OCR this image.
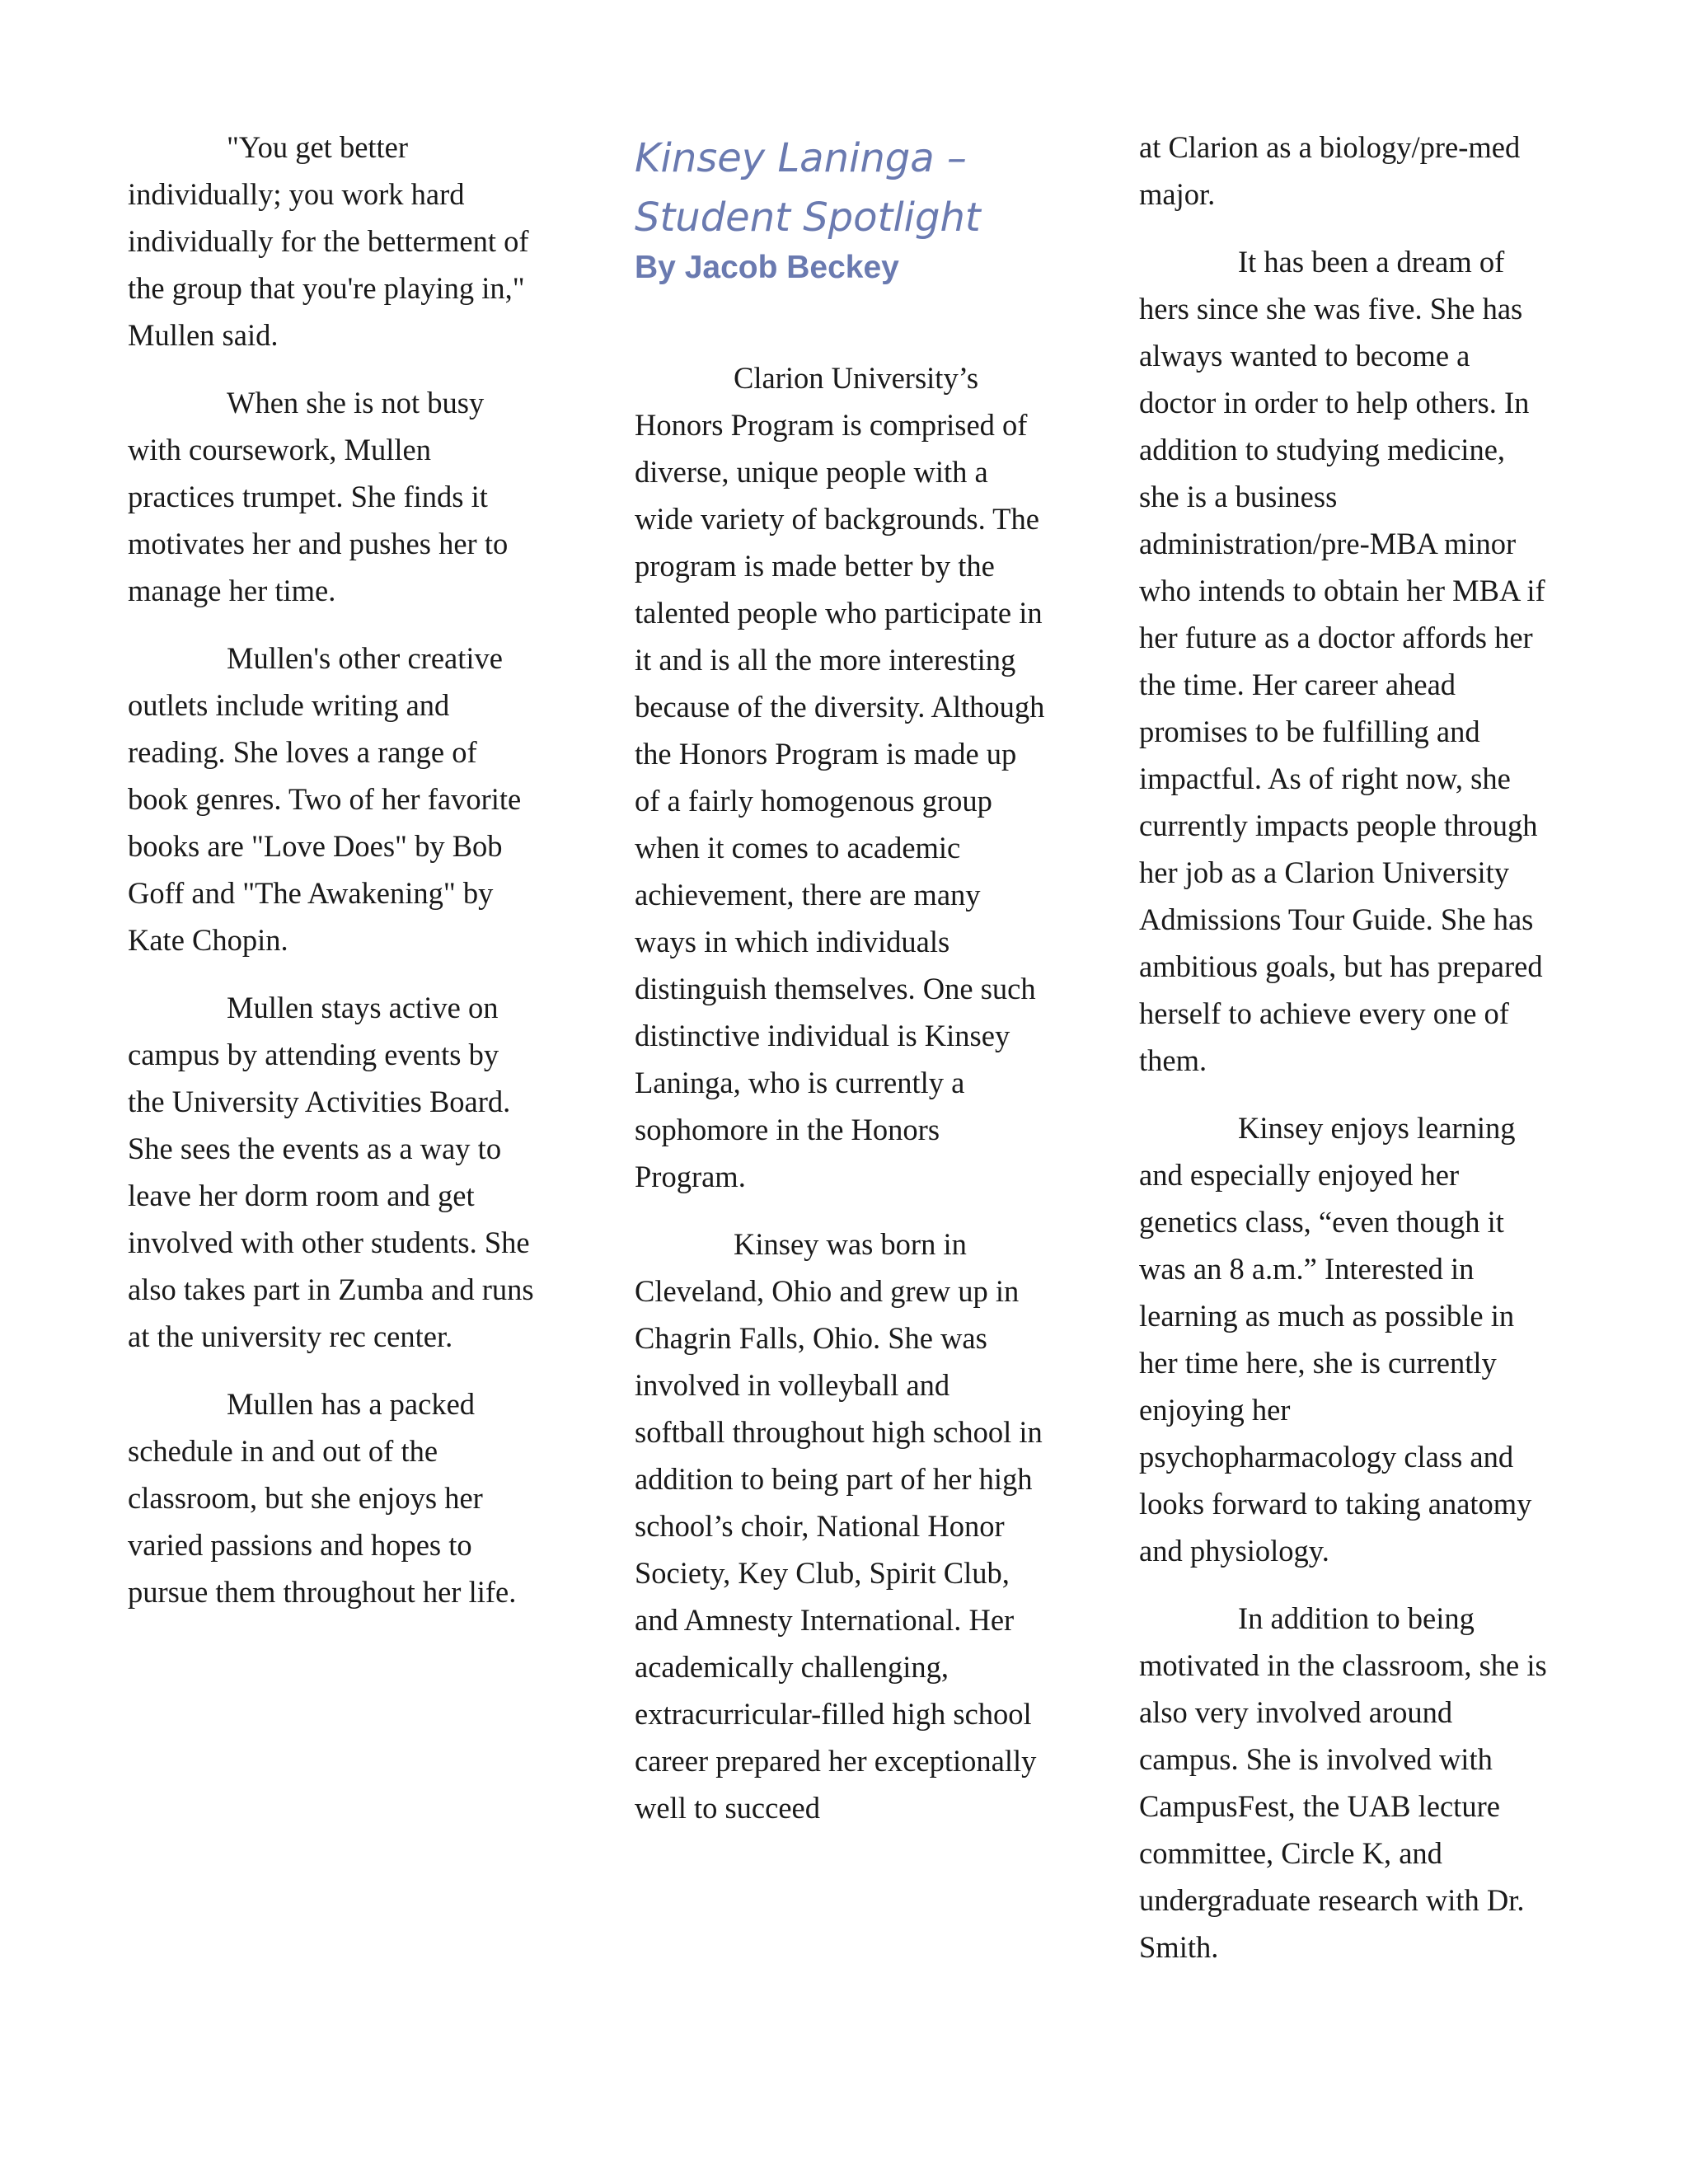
"You get better individually; you work hard individually for the betterment of the group that you're playing in," Mullen said.

When she is not busy with coursework, Mullen practices trumpet. She finds it motivates her and pushes her to manage her time.

Mullen's other creative outlets include writing and reading. She loves a range of book genres. Two of her favorite books are "Love Does" by Bob Goff and "The Awakening" by Kate Chopin.

Mullen stays active on campus by attending events by the University Activities Board. She sees the events as a way to leave her dorm room and get involved with other students. She also takes part in Zumba and runs at the university rec center.

Mullen has a packed schedule in and out of the classroom, but she enjoys her varied passions and hopes to pursue them throughout her life.

Kinsey Laninga –
Student Spotlight
By Jacob Beckey

Clarion University’s Honors Program is comprised of diverse, unique people with a wide variety of backgrounds. The program is made better by the talented people who participate in it and is all the more interesting because of the diversity. Although the Honors Program is made up of a fairly homogenous group when it comes to academic achievement, there are many ways in which individuals distinguish themselves. One such distinctive individual is Kinsey Laninga, who is currently a sophomore in the Honors Program.

Kinsey was born in Cleveland, Ohio and grew up in Chagrin Falls, Ohio. She was involved in volleyball and softball throughout high school in addition to being part of her high school’s choir, National Honor Society, Key Club, Spirit Club, and Amnesty International. Her academically challenging, extracurricular-filled high school career prepared her exceptionally well to succeed

at Clarion as a biology/pre-med major.

It has been a dream of hers since she was five. She has always wanted to become a doctor in order to help others. In addition to studying medicine, she is a business administration/pre-MBA minor who intends to obtain her MBA if her future as a doctor affords her the time. Her career ahead promises to be fulfilling and impactful. As of right now, she currently impacts people through her job as a Clarion University Admissions Tour Guide. She has ambitious goals, but has prepared herself to achieve every one of them.

Kinsey enjoys learning and especially enjoyed her genetics class, “even though it was an 8 a.m.” Interested in learning as much as possible in her time here, she is currently enjoying her psychopharmacology class and looks forward to taking anatomy and physiology.

In addition to being motivated in the classroom, she is also very involved around campus. She is involved with CampusFest, the UAB lecture committee, Circle K, and undergraduate research with Dr. Smith.
